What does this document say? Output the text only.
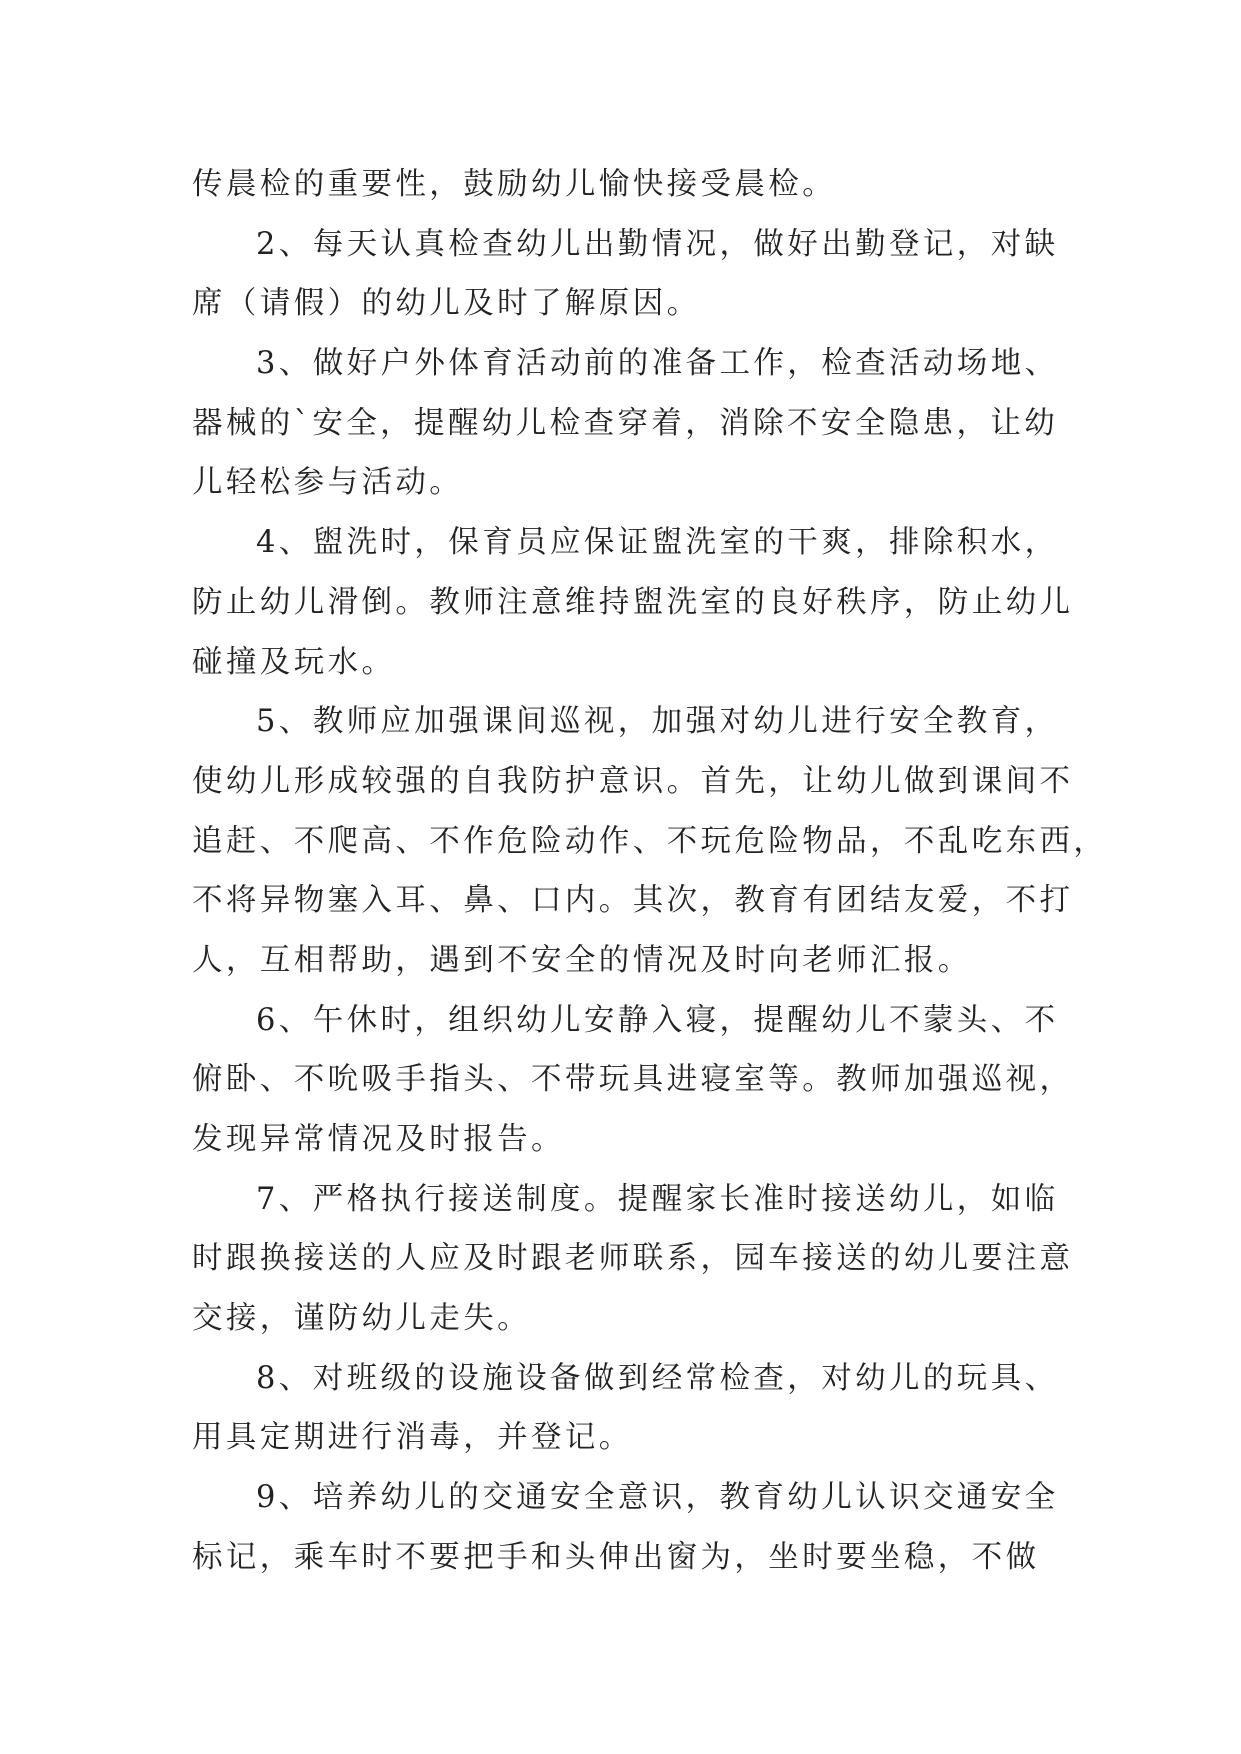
传晨检的重要性，鼓励幼儿愉快接受晨检。
2、每天认真检查幼儿出勤情况，做好出勤登记，对缺
席（请假）的幼儿及时了解原因。
3、做好户外体育活动前的准备工作，检查活动场地、
器械的`安全，提醒幼儿检查穿着，消除不安全隐患，让幼
儿轻松参与活动。
4、盥洗时，保育员应保证盥洗室的干爽，排除积水，
防止幼儿滑倒。教师注意维持盥洗室的良好秩序，防止幼儿
碰撞及玩水。
5、教师应加强课间巡视，加强对幼儿进行安全教育，
使幼儿形成较强的自我防护意识。首先，让幼儿做到课间不
追赶、不爬高、不作危险动作、不玩危险物品，不乱吃东西，
不将异物塞入耳、鼻、口内。其次，教育有团结友爱，不打
人，互相帮助，遇到不安全的情况及时向老师汇报。
6、午休时，组织幼儿安静入寝，提醒幼儿不蒙头、不
俯卧、不吮吸手指头、不带玩具进寝室等。教师加强巡视，
发现异常情况及时报告。
7、严格执行接送制度。提醒家长准时接送幼儿，如临
时跟换接送的人应及时跟老师联系，园车接送的幼儿要注意
交接，谨防幼儿走失。
8、对班级的设施设备做到经常检查，对幼儿的玩具、
用具定期进行消毒，并登记。
9、培养幼儿的交通安全意识，教育幼儿认识交通安全
标记，乘车时不要把手和头伸出窗为，坐时要坐稳，不做
